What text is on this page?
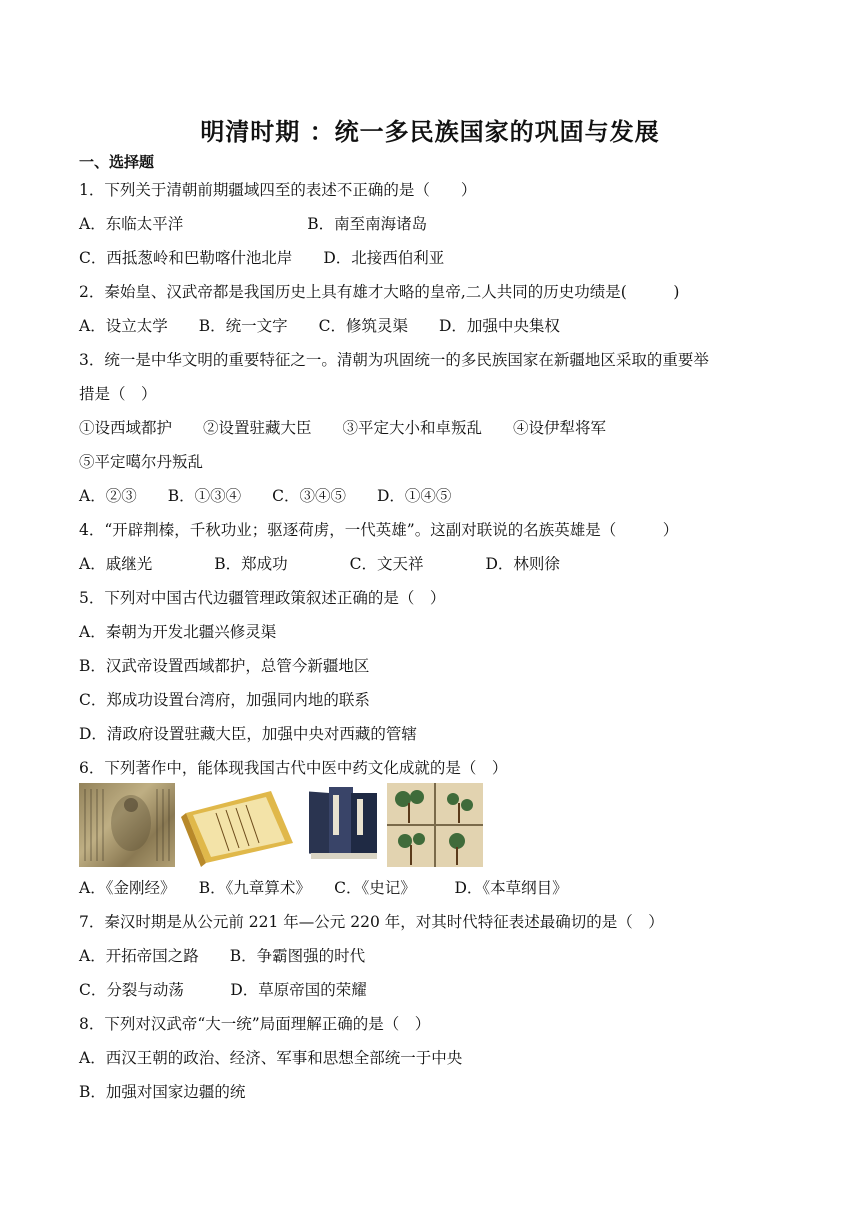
明清时期 ：统一多民族国家的巩固与发展
一、选择题
1．下列关于清朝前期疆域四至的表述不正确的是（　　）
A．东临太平洋　　　　　　　　B．南至南海诸岛
C．西抵葱岭和巴勒喀什池北岸　　D．北接西伯利亚
2．秦始皇、汉武帝都是我国历史上具有雄才大略的皇帝,二人共同的历史功绩是(　　　)
A．设立太学　　B．统一文字　　C．修筑灵渠　　D．加强中央集权
3．统一是中华文明的重要特征之一。清朝为巩固统一的多民族国家在新疆地区采取的重要举
措是（　）
①设西域都护　　②设置驻藏大臣　　③平定大小和卓叛乱　　④设伊犁将军
⑤平定噶尔丹叛乱
A．②③　　B．①③④　　C．③④⑤　　D．①④⑤
4．“开辟荆榛，千秋功业；驱逐荷虏，一代英雄”。这副对联说的名族英雄是（　　　）
A．戚继光　　　　B．郑成功　　　　C．文天祥　　　　D．林则徐
5．下列对中国古代边疆管理政策叙述正确的是（　）
A．秦朝为开发北疆兴修灵渠
B．汉武帝设置西域都护，总管今新疆地区
C．郑成功设置台湾府，加强同内地的联系
D．清政府设置驻藏大臣，加强中央对西藏的管辖
6．下列著作中，能体现我国古代中医中药文化成就的是（　）
A．《金刚经》　　B．《九章算术》　　C．《史记》　　　D．《本草纲目》
7．秦汉时期是从公元前 221 年—公元 220 年，对其时代特征表述最确切的是（　）
A．开拓帝国之路　　B．争霸图强的时代
C．分裂与动荡　　　D．草原帝国的荣耀
8．下列对汉武帝“大一统”局面理解正确的是（　）
A．西汉王朝的政治、经济、军事和思想全部统一于中央
B．加强对国家边疆的统
